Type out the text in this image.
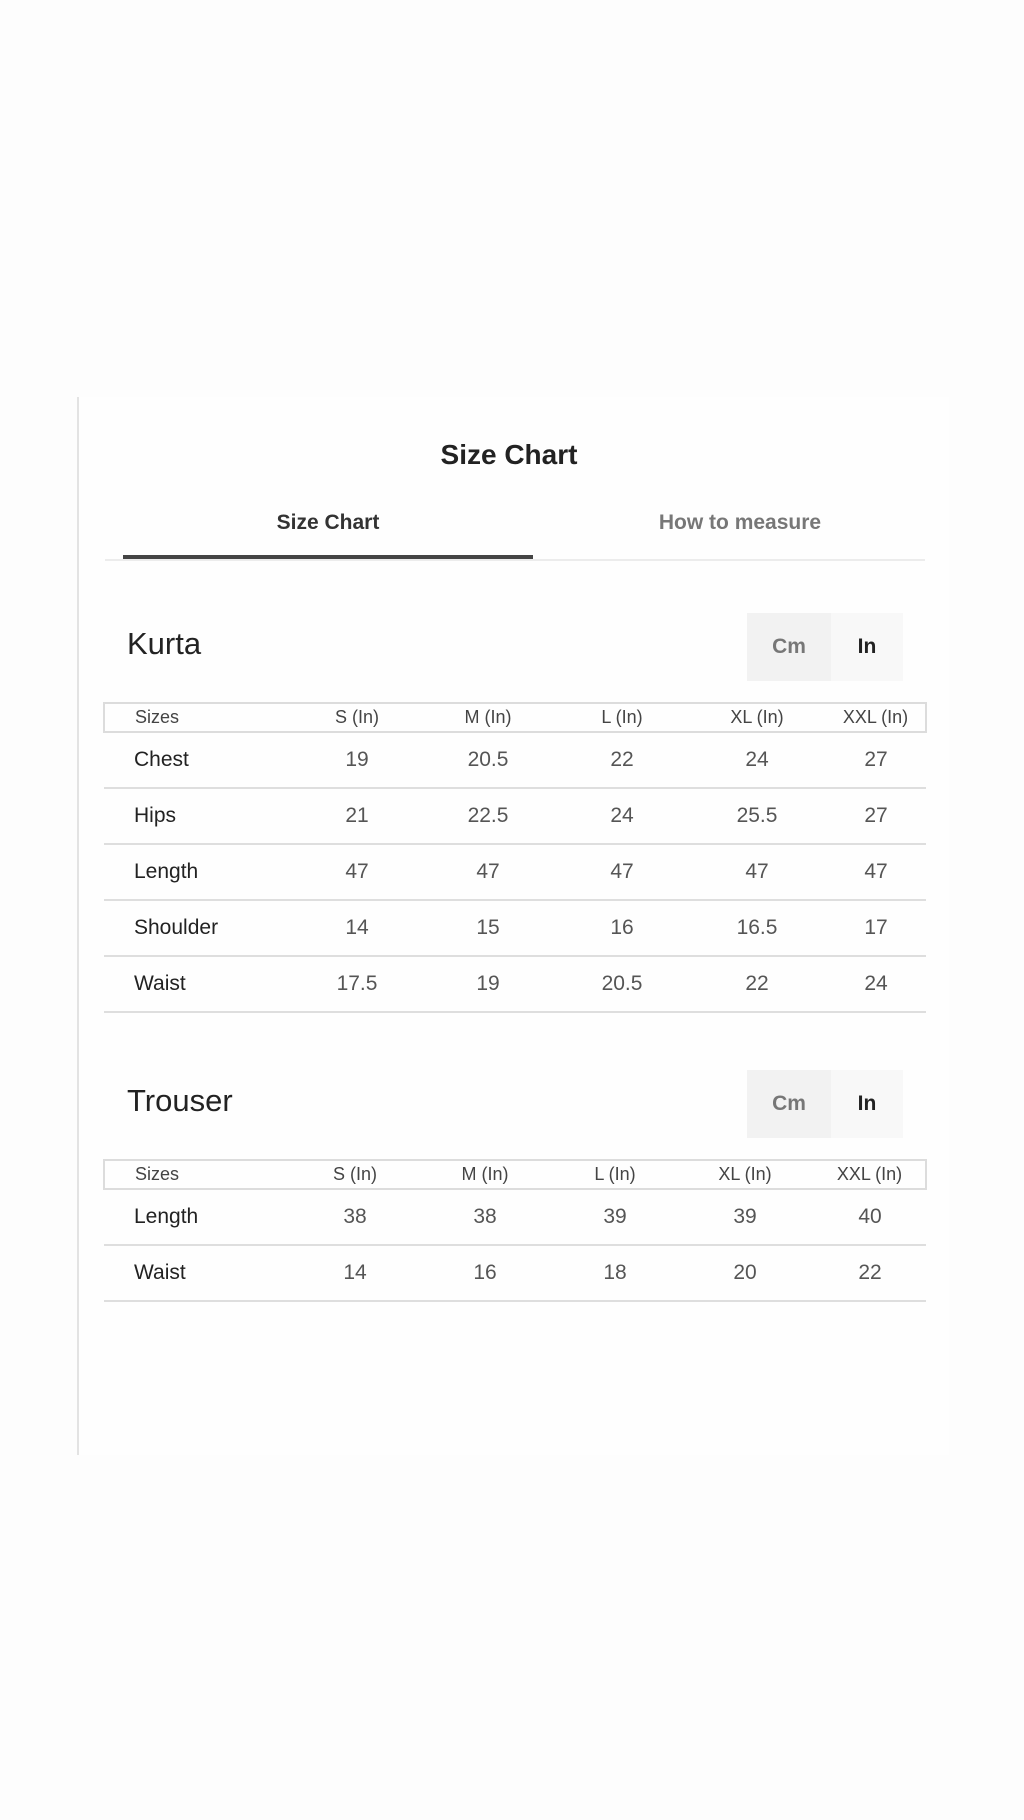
Size Chart
Size Chart	How to measure
Kurta	Cm	In
Sizes	S (In)	M (In)	L (In)	XL (In)	XXL (In)
Chest	19	20.5	22	24	27
Hips	21	22.5	24	25.5	27
Length	47	47	47	47	47
Shoulder	14	15	16	16.5	17
Waist	17.5	19	20.5	22	24
Trouser	Cm	In
Sizes	S (In)	M (In)	L (In)	XL (In)	XXL (In)
Length	38	38	39	39	40
Waist	14	16	18	20	22
